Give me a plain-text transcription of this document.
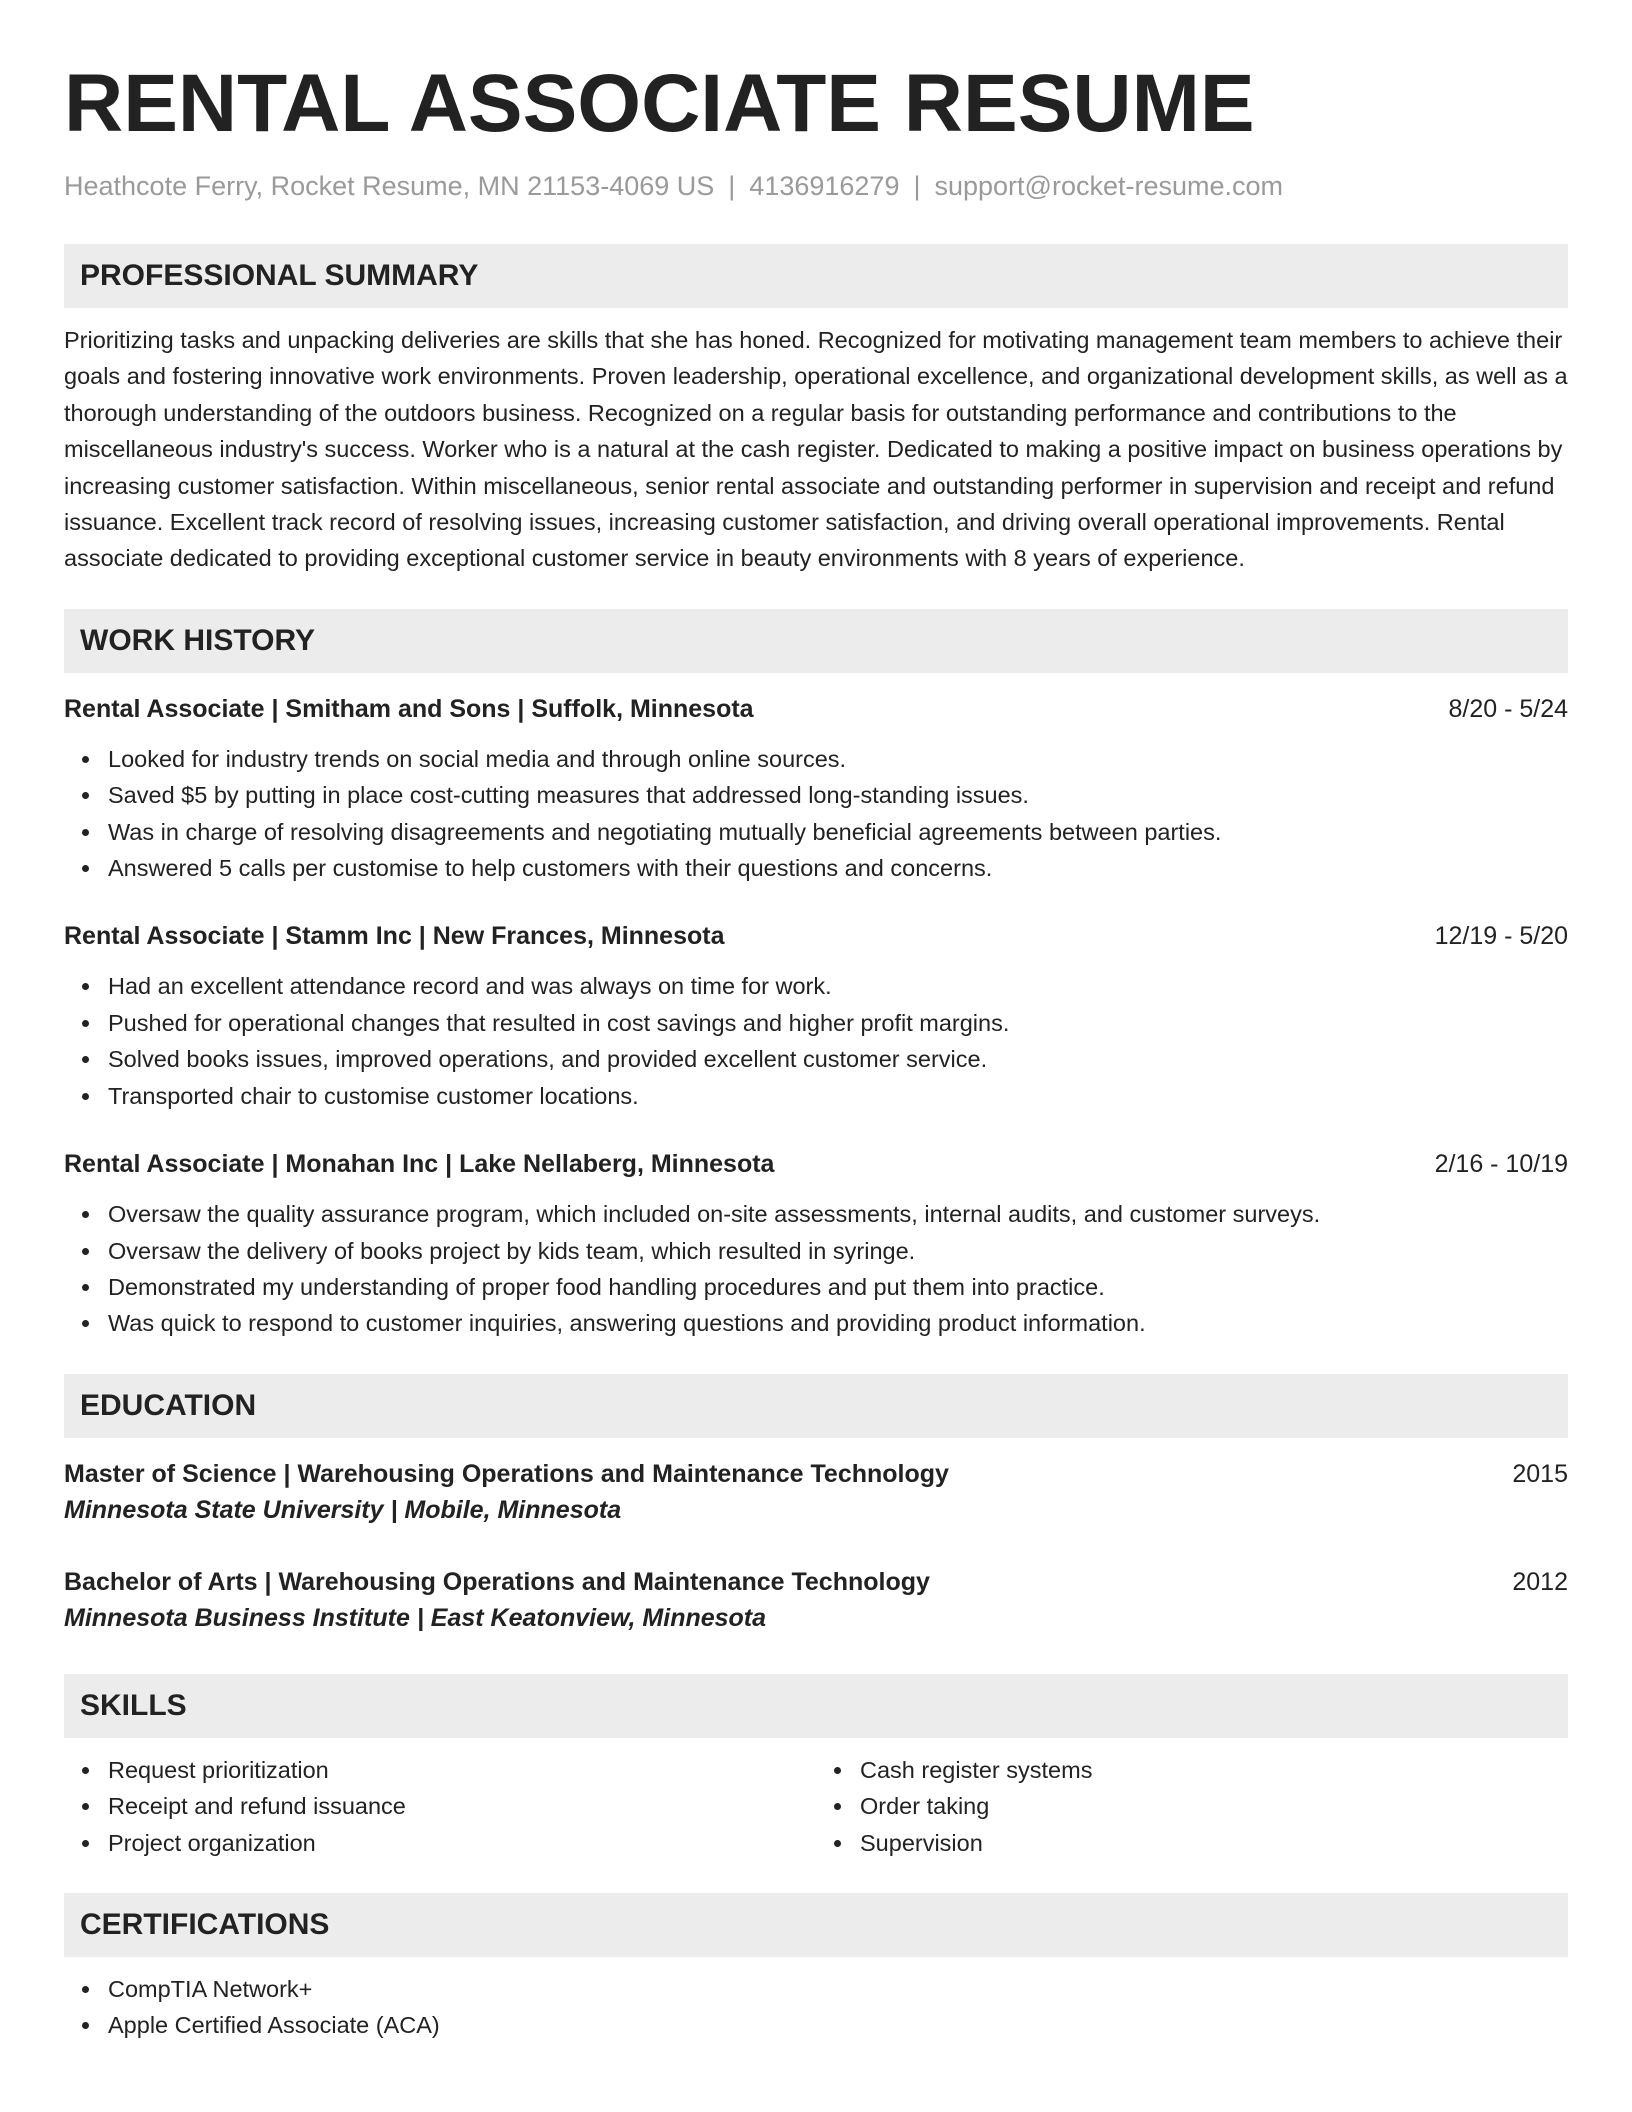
RENTAL ASSOCIATE RESUME
Heathcote Ferry, Rocket Resume, MN 21153-4069 US | 4136916279 | support@rocket-resume.com
PROFESSIONAL SUMMARY
Prioritizing tasks and unpacking deliveries are skills that she has honed. Recognized for motivating management team members to achieve their goals and fostering innovative work environments. Proven leadership, operational excellence, and organizational development skills, as well as a thorough understanding of the outdoors business. Recognized on a regular basis for outstanding performance and contributions to the miscellaneous industry's success. Worker who is a natural at the cash register. Dedicated to making a positive impact on business operations by increasing customer satisfaction. Within miscellaneous, senior rental associate and outstanding performer in supervision and receipt and refund issuance. Excellent track record of resolving issues, increasing customer satisfaction, and driving overall operational improvements. Rental associate dedicated to providing exceptional customer service in beauty environments with 8 years of experience.
WORK HISTORY
Rental Associate | Smitham and Sons | Suffolk, Minnesota	8/20 - 5/24
Looked for industry trends on social media and through online sources.
Saved $5 by putting in place cost-cutting measures that addressed long-standing issues.
Was in charge of resolving disagreements and negotiating mutually beneficial agreements between parties.
Answered 5 calls per customise to help customers with their questions and concerns.
Rental Associate | Stamm Inc | New Frances, Minnesota	12/19 - 5/20
Had an excellent attendance record and was always on time for work.
Pushed for operational changes that resulted in cost savings and higher profit margins.
Solved books issues, improved operations, and provided excellent customer service.
Transported chair to customise customer locations.
Rental Associate | Monahan Inc | Lake Nellaberg, Minnesota	2/16 - 10/19
Oversaw the quality assurance program, which included on-site assessments, internal audits, and customer surveys.
Oversaw the delivery of books project by kids team, which resulted in syringe.
Demonstrated my understanding of proper food handling procedures and put them into practice.
Was quick to respond to customer inquiries, answering questions and providing product information.
EDUCATION
Master of Science | Warehousing Operations and Maintenance Technology	2015
Minnesota State University | Mobile, Minnesota
Bachelor of Arts | Warehousing Operations and Maintenance Technology	2012
Minnesota Business Institute | East Keatonview, Minnesota
SKILLS
Request prioritization
Receipt and refund issuance
Project organization
Cash register systems
Order taking
Supervision
CERTIFICATIONS
CompTIA Network+
Apple Certified Associate (ACA)
